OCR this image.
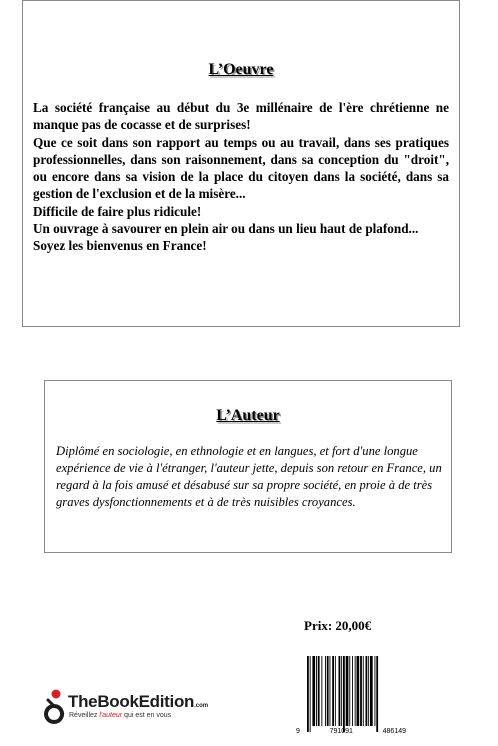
L’Oeuvre

La société française au début du 3e millénaire de l'ère chrétienne ne manque pas de cocasse et de surprises!

Que ce soit dans son rapport au temps ou au travail, dans ses pratiques professionnelles, dans son raisonnement, dans sa conception du "droit", ou encore dans sa vision de la place du citoyen dans la société, dans sa gestion de l'exclusion et de la misère...

Difficile de faire plus ridicule!

Un ouvrage à savourer en plein air ou dans un lieu haut de plafond...

Soyez les bienvenus en France!

L’Auteur
Diplômé en sociologie, en ethnologie et en langues, et fort d'une longue expérience de vie à l'étranger, l'auteur jette, depuis son retour en France, un regard à la fois amusé et désabusé sur sa propre société, en proie à de très graves dysfonctionnements et à de très nuisibles croyances.
Prix: 20,00€
9	791091	486149
TheBookEdition.com
Réveillez l'auteur qui est en vous
